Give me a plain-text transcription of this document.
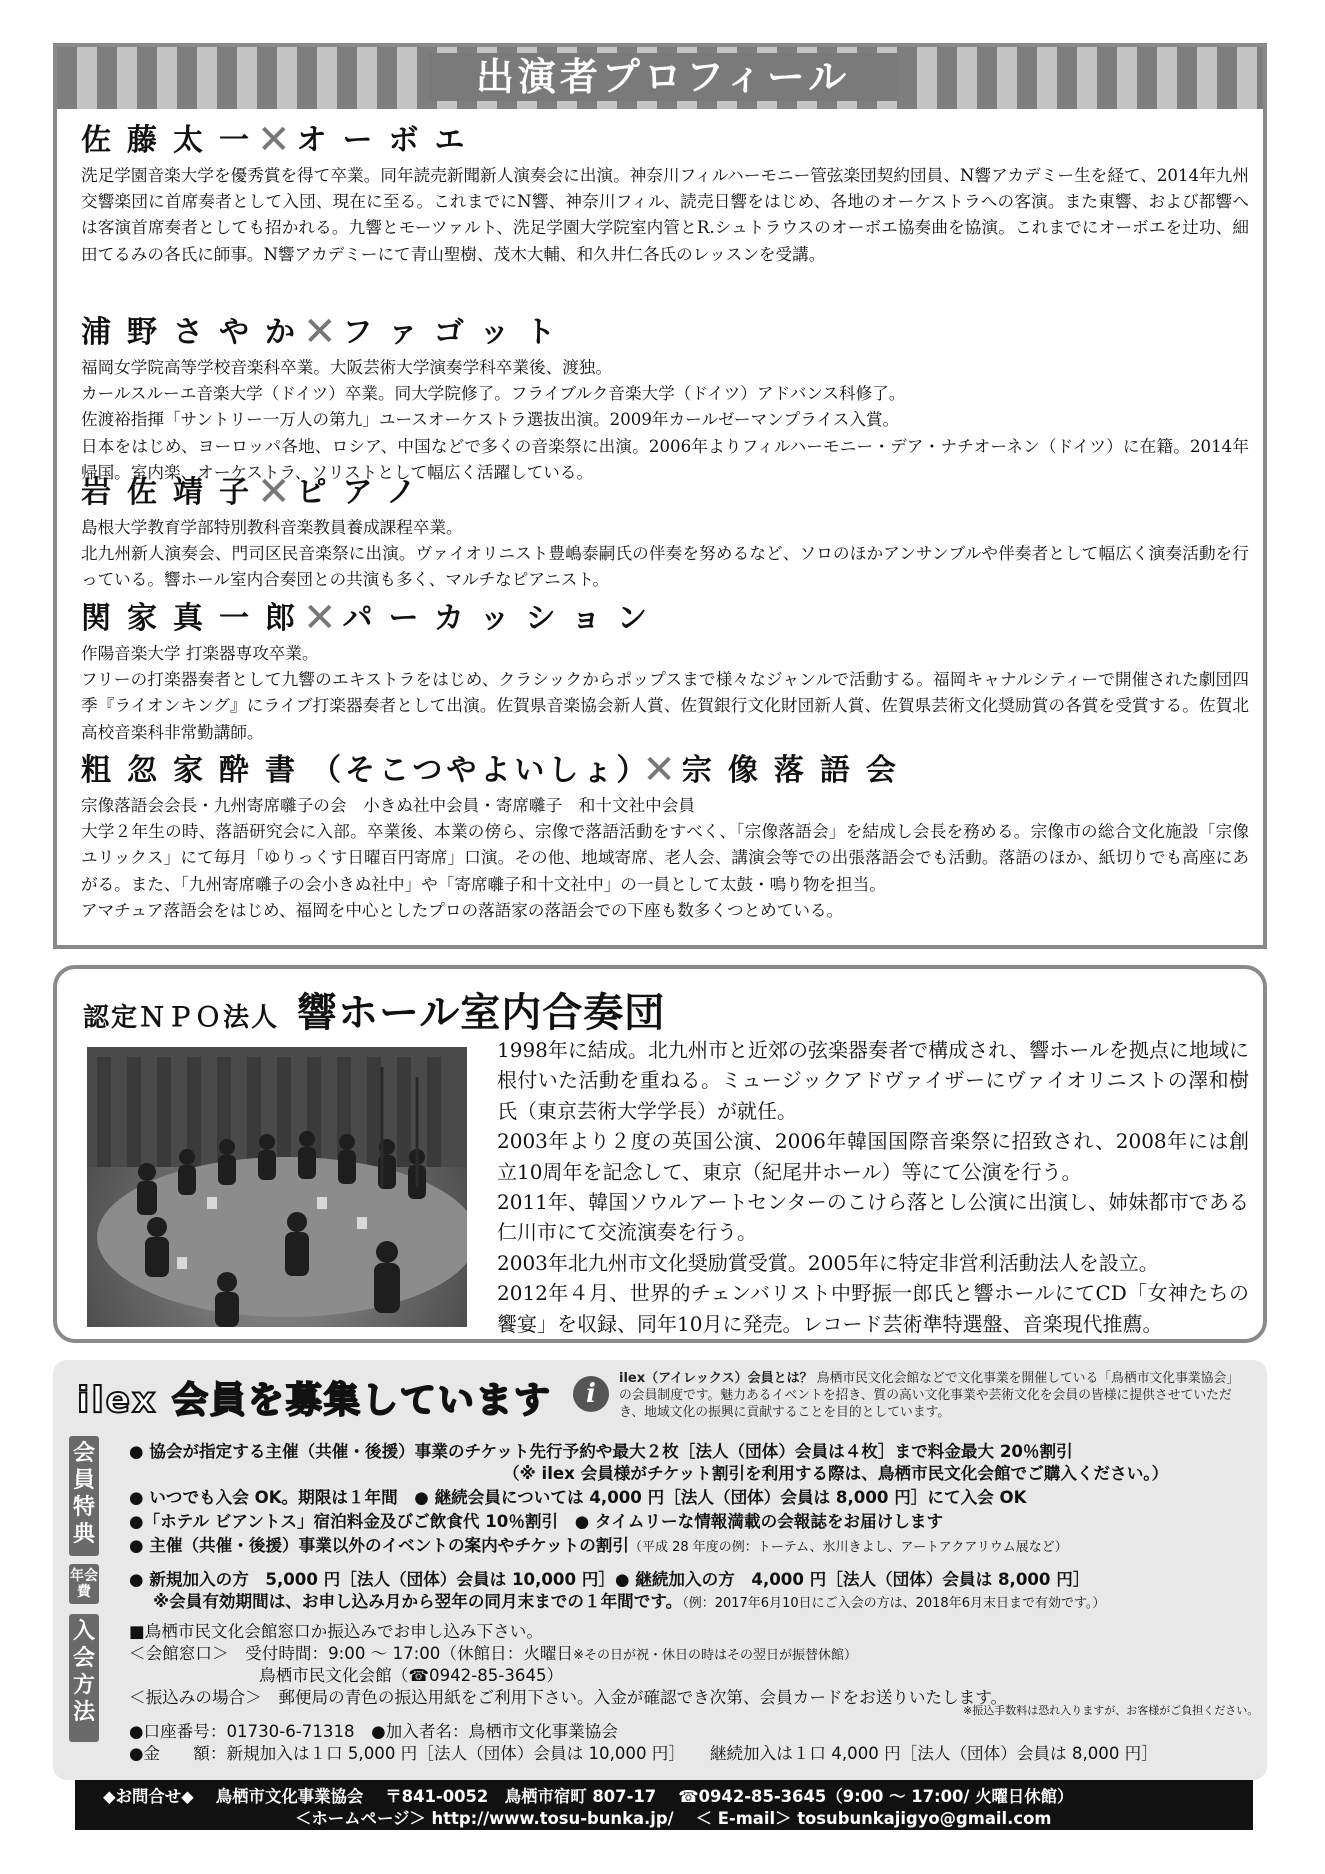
出演者プロフィール
佐藤太一✕ オーボエ

洗足学園音楽大学を優秀賞を得て卒業。同年読売新聞新人演奏会に出演。神奈川フィルハーモニー管弦楽団契約団員、N響アカデミー生を経て、2014年九州交響楽団に首席奏者として入団、現在に至る。これまでにN響、神奈川フィル、読売日響をはじめ、各地のオーケストラへの客演。また東響、および都響へは客演首席奏者としても招かれる。九響とモーツァルト、洗足学園大学院室内管とR.シュトラウスのオーボエ協奏曲を協演。これまでにオーボエを辻功、細田てるみの各氏に師事。N響アカデミーにて青山聖樹、茂木大輔、和久井仁各氏のレッスンを受講。

浦野さやか✕ ファゴット

福岡女学院高等学校音楽科卒業。大阪芸術大学演奏学科卒業後、渡独。

カールスルーエ音楽大学（ドイツ）卒業。同大学院修了。フライブルク音楽大学（ドイツ）アドバンス科修了。

佐渡裕指揮「サントリー一万人の第九」ユースオーケストラ選抜出演。2009年カールゼーマンプライス入賞。

日本をはじめ、ヨーロッパ各地、ロシア、中国などで多くの音楽祭に出演。2006年よりフィルハーモニー・デア・ナチオーネン（ドイツ）に在籍。2014年帰国。室内楽、オーケストラ、ソリストとして幅広く活躍している。

岩佐靖子✕ ピアノ

島根大学教育学部特別教科音楽教員養成課程卒業。

北九州新人演奏会、門司区民音楽祭に出演。ヴァイオリニスト豊嶋泰嗣氏の伴奏を努めるなど、ソロのほかアンサンブルや伴奏者として幅広く演奏活動を行っている。響ホール室内合奏団との共演も多く、マルチなピアニスト。

関家真一郎✕ パーカッション

作陽音楽大学 打楽器専攻卒業。

フリーの打楽器奏者として九響のエキストラをはじめ、クラシックからポップスまで様々なジャンルで活動する。福岡キャナルシティーで開催された劇団四季『ライオンキング』にライブ打楽器奏者として出演。佐賀県音楽協会新人賞、佐賀銀行文化財団新人賞、佐賀県芸術文化奨励賞の各賞を受賞する。佐賀北高校音楽科非常勤講師。

粗忽家酔書（そこつやよいしょ）✕ 宗像落語会

宗像落語会会長・九州寄席囃子の会　小きぬ社中会員・寄席囃子　和十文社中会員

大学２年生の時、落語研究会に入部。卒業後、本業の傍ら、宗像で落語活動をすべく、「宗像落語会」を結成し会長を務める。宗像市の総合文化施設「宗像ユリックス」にて毎月「ゆりっくす日曜百円寄席」口演。その他、地域寄席、老人会、講演会等での出張落語会でも活動。落語のほか、紙切りでも高座にあがる。また、「九州寄席囃子の会小きぬ社中」や「寄席囃子和十文社中」の一員として太鼓・鳴り物を担当。

アマチュア落語会をはじめ、福岡を中心としたプロの落語家の落語会での下座も数多くつとめている。

認定ＮＰＯ法人 響ホール室内合奏団

1998年に結成。北九州市と近郊の弦楽器奏者で構成され、響ホールを拠点に地域に根付いた活動を重ねる。ミュージックアドヴァイザーにヴァイオリニストの澤和樹氏（東京芸術大学学長）が就任。

2003年より２度の英国公演、2006年韓国国際音楽祭に招致され、2008年には創立10周年を記念して、東京（紀尾井ホール）等にて公演を行う。

2011年、韓国ソウルアートセンターのこけら落とし公演に出演し、姉妹都市である仁川市にて交流演奏を行う。

2003年北九州市文化奨励賞受賞。2005年に特定非営利活動法人を設立。

2012年４月、世界的チェンバリスト中野振一郎氏と響ホールにてCD「女神たちの饗宴」を収録、同年10月に発売。レコード芸術準特選盤、音楽現代推薦。

ilex 会員を募集しています	i
ilex（アイレックス）会員とは？ 鳥栖市民文化会館などで文化事業を開催している「鳥栖市文化事業協会」の会員制度です。魅力あるイベントを招き、質の高い文化事業や芸術文化を会員の皆様に提供させていただき、地域文化の振興に貢献することを目的としています。
会員特典
年会費
入会方法
● 協会が指定する主催（共催・後援）事業のチケット先行予約や最大２枚［法人（団体）会員は４枚］まで料金最大 20％割引
（※ ilex 会員様がチケット割引を利用する際は、鳥栖市民文化会館でご購入ください。）
● いつでも入会 OK。期限は１年間　● 継続会員については 4,000 円［法人（団体）会員は 8,000 円］にて入会 OK
●「ホテル ビアントス」宿泊料金及びご飲食代 10％割引　● タイムリーな情報満載の会報誌をお届けします
● 主催（共催・後援）事業以外のイベントの案内やチケットの割引（平成 28 年度の例：トーテム、氷川きよし、アートアクアリウム展など）
● 新規加入の方　5,000 円［法人（団体）会員は 10,000 円］● 継続加入の方　4,000 円［法人（団体）会員は 8,000 円］
※会員有効期間は、お申し込み月から翌年の同月末までの１年間です。（例：2017年6月10日にご入会の方は、2018年6月末日まで有効です。）
■鳥栖市民文化会館窓口か振込みでお申し込み下さい。
＜会館窓口＞　受付時間：9:00 ～ 17:00（休館日：火曜日※その日が祝・休日の時はその翌日が振替休館）
鳥栖市民文化会館（☎0942-85-3645）
＜振込みの場合＞　郵便局の青色の振込用紙をご利用下さい。入金が確認でき次第、会員カードをお送りいたします。
※振込手数料は恐れ入りますが、お客様がご負担ください。
●口座番号：01730-6-71318　●加入者名：鳥栖市文化事業協会
●金　　額：新規加入は１口 5,000 円［法人（団体）会員は 10,000 円］　　継続加入は１口 4,000 円［法人（団体）会員は 8,000 円］
◆お問合せ◆ 鳥栖市文化事業協会 〒841-0052　鳥栖市宿町 807-17 ☎0942-85-3645（9:00 ～ 17:00/ 火曜日休館）
＜ホームページ＞ http://www.tosu-bunka.jp/ ＜ E-mail＞ tosubunkajigyo@gmail.com
